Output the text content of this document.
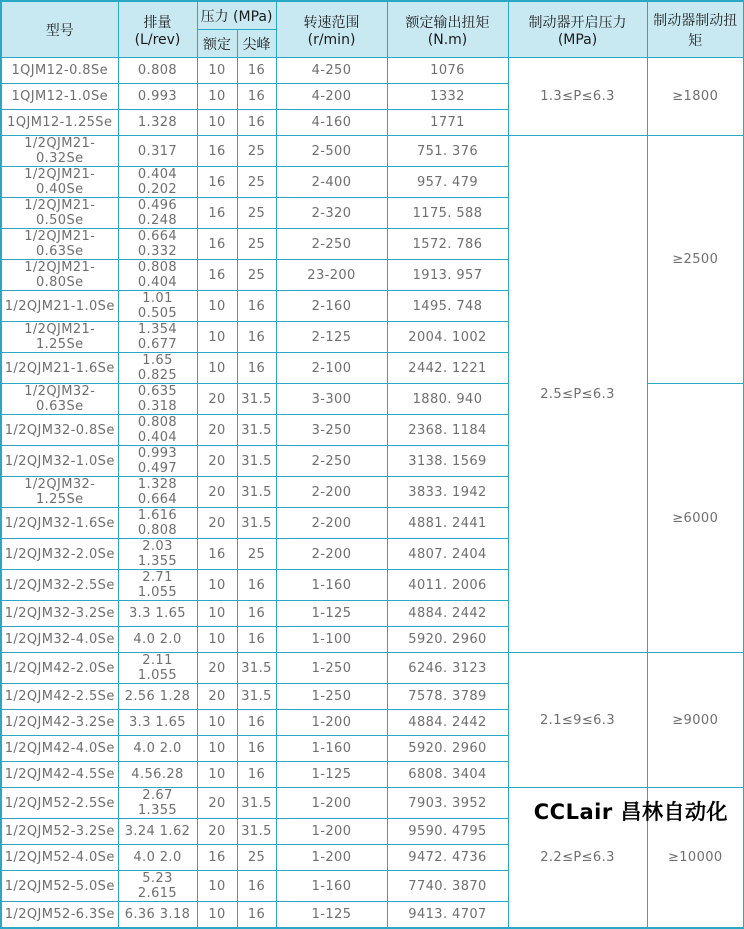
型号	排量 (L/rev)	压力 (MPa)		转速范围 (r/min)	额定输出扭矩(N.m)	制动器开启压力(MPa)	制动器制动扭矩
		额定	尖峰				
1QJM12-0.8Se	0.808	10	16	4-250	1076	1.3≤P≤6.3	≥1800
1QJM12-1.0Se	0.993	10	16	4-200	1332		
1QJM12-1.25Se	1.328	10	16	4-160	1771		
1/2QJM21-0.32Se	0.317	16	25	2-500	751. 376	2.5≤P≤6.3	≥2500
1/2QJM21-0.40Se	0.404 0.202	16	25	2-400	957. 479		
1/2QJM21-0.50Se	0.496 0.248	16	25	2-320	1175. 588		
1/2QJM21-0.63Se	0.664 0.332	16	25	2-250	1572. 786		
1/2QJM21-0.80Se	0.808 0.404	16	25	23-200	1913. 957		
1/2QJM21-1.0Se	1.01 0.505	10	16	2-160	1495. 748		
1/2QJM21-1.25Se	1.354 0.677	10	16	2-125	2004. 1002		
1/2QJM21-1.6Se	1.65 0.825	10	16	2-100	2442. 1221		
1/2QJM32-0.63Se	0.635 0.318	20	31.5	3-300	1880. 940		≥6000
1/2QJM32-0.8Se	0.808 0.404	20	31.5	3-250	2368. 1184		
1/2QJM32-1.0Se	0.993 0.497	20	31.5	2-250	3138. 1569		
1/2QJM32-1.25Se	1.328 0.664	20	31.5	2-200	3833. 1942		
1/2QJM32-1.6Se	1.616 0.808	20	31.5	2-200	4881. 2441		
1/2QJM32-2.0Se	2.03 1.355	16	25	2-200	4807. 2404		
1/2QJM32-2.5Se	2.71 1.055	10	16	1-160	4011. 2006		
1/2QJM32-3.2Se	3.3 1.65	10	16	1-125	4884. 2442		
1/2QJM32-4.0Se	4.0 2.0	10	16	1-100	5920. 2960		
1/2QJM42-2.0Se	2.11 1.055	20	31.5	1-250	6246. 3123	2.1≤9≤6.3	≥9000
1/2QJM42-2.5Se	2.56 1.28	20	31.5	1-250	7578. 3789		
1/2QJM42-3.2Se	3.3 1.65	10	16	1-200	4884. 2442		
1/2QJM42-4.0Se	4.0 2.0	10	16	1-160	5920. 2960		
1/2QJM42-4.5Se	4.56.28	10	16	1-125	6808. 3404		
1/2QJM52-2.5Se	2.67 1.355	20	31.5	1-200	7903. 3952	2.2≤P≤6.3	≥10000
1/2QJM52-3.2Se	3.24 1.62	20	31.5	1-200	9590. 4795		
1/2QJM52-4.0Se	4.0 2.0	16	25	1-200	9472. 4736		
1/2QJM52-5.0Se	5.23 2.615	10	16	1-160	7740. 3870		
1/2QJM52-6.3Se	6.36 3.18	10	16	1-125	9413. 4707		
CCLair 昌林自动化
